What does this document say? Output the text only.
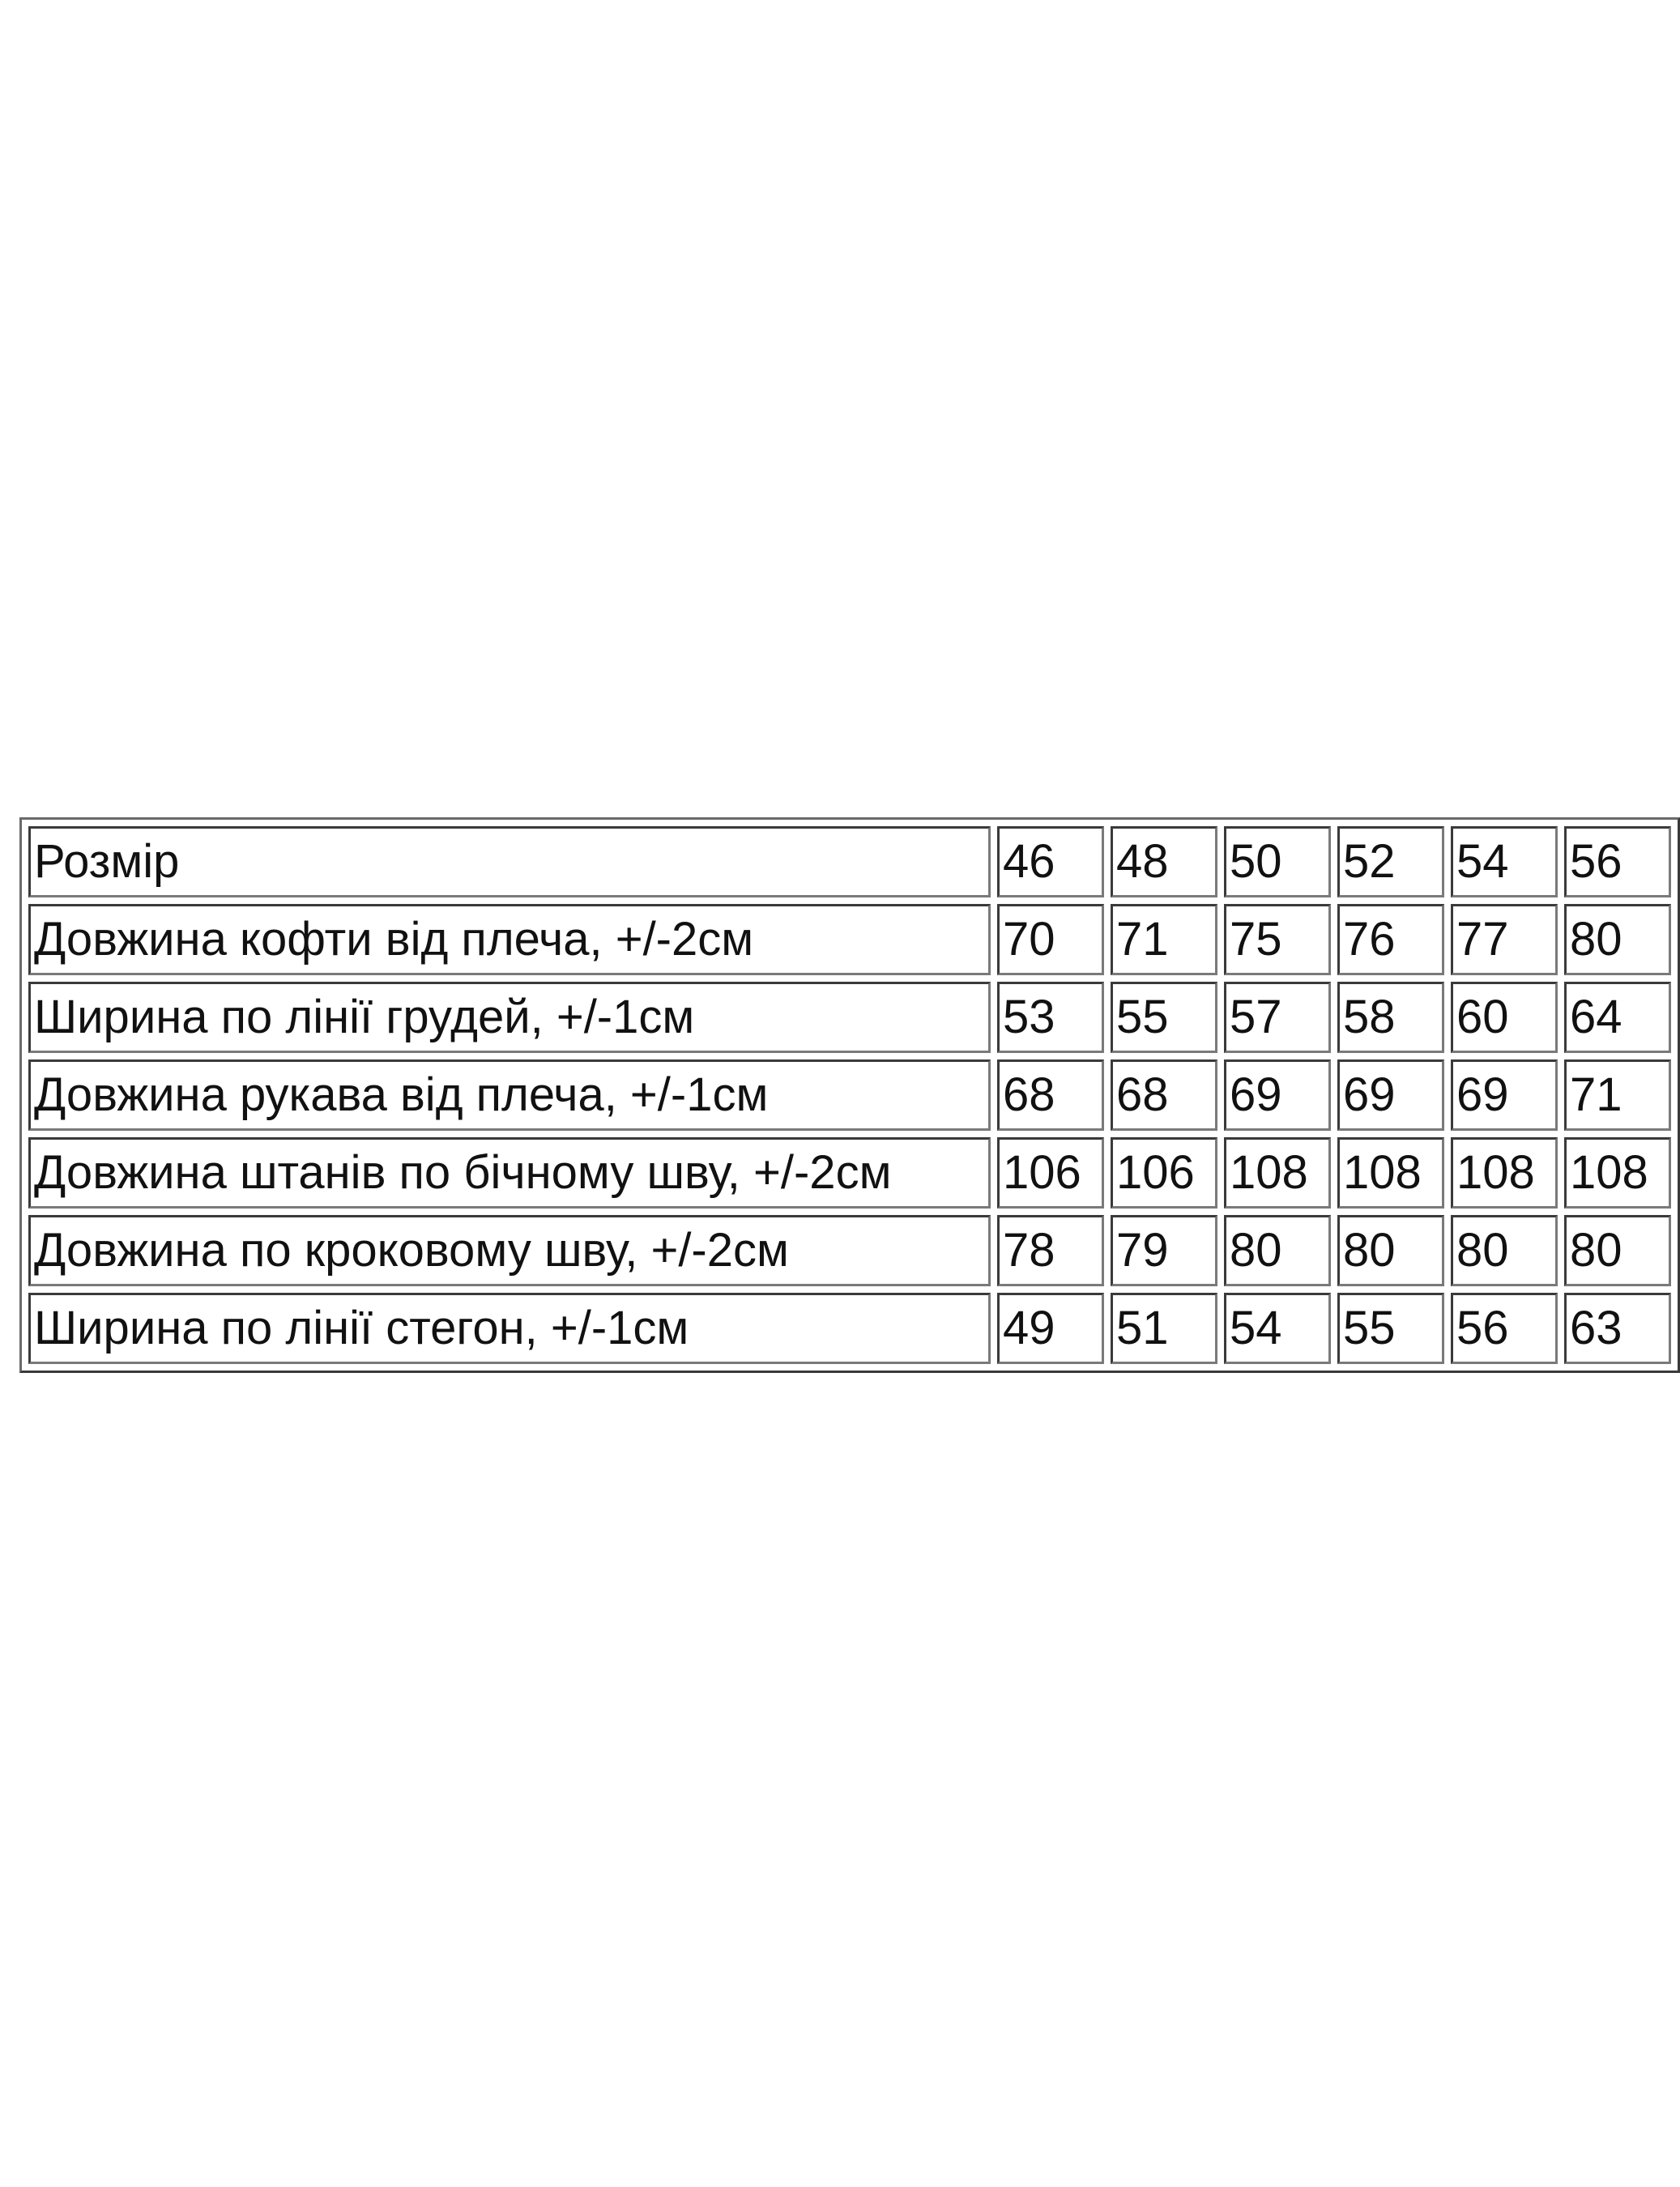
Розмір	46	48	50	52	54	56
Довжина кофти від плеча, +/-2см	70	71	75	76	77	80
Ширина по лінії грудей, +/-1см	53	55	57	58	60	64
Довжина рукава від плеча, +/-1см	68	68	69	69	69	71
Довжина штанів по бічному шву, +/-2см	106	106	108	108	108	108
Довжина по кроковому шву, +/-2см	78	79	80	80	80	80
Ширина по лінії стегон, +/-1см	49	51	54	55	56	63
